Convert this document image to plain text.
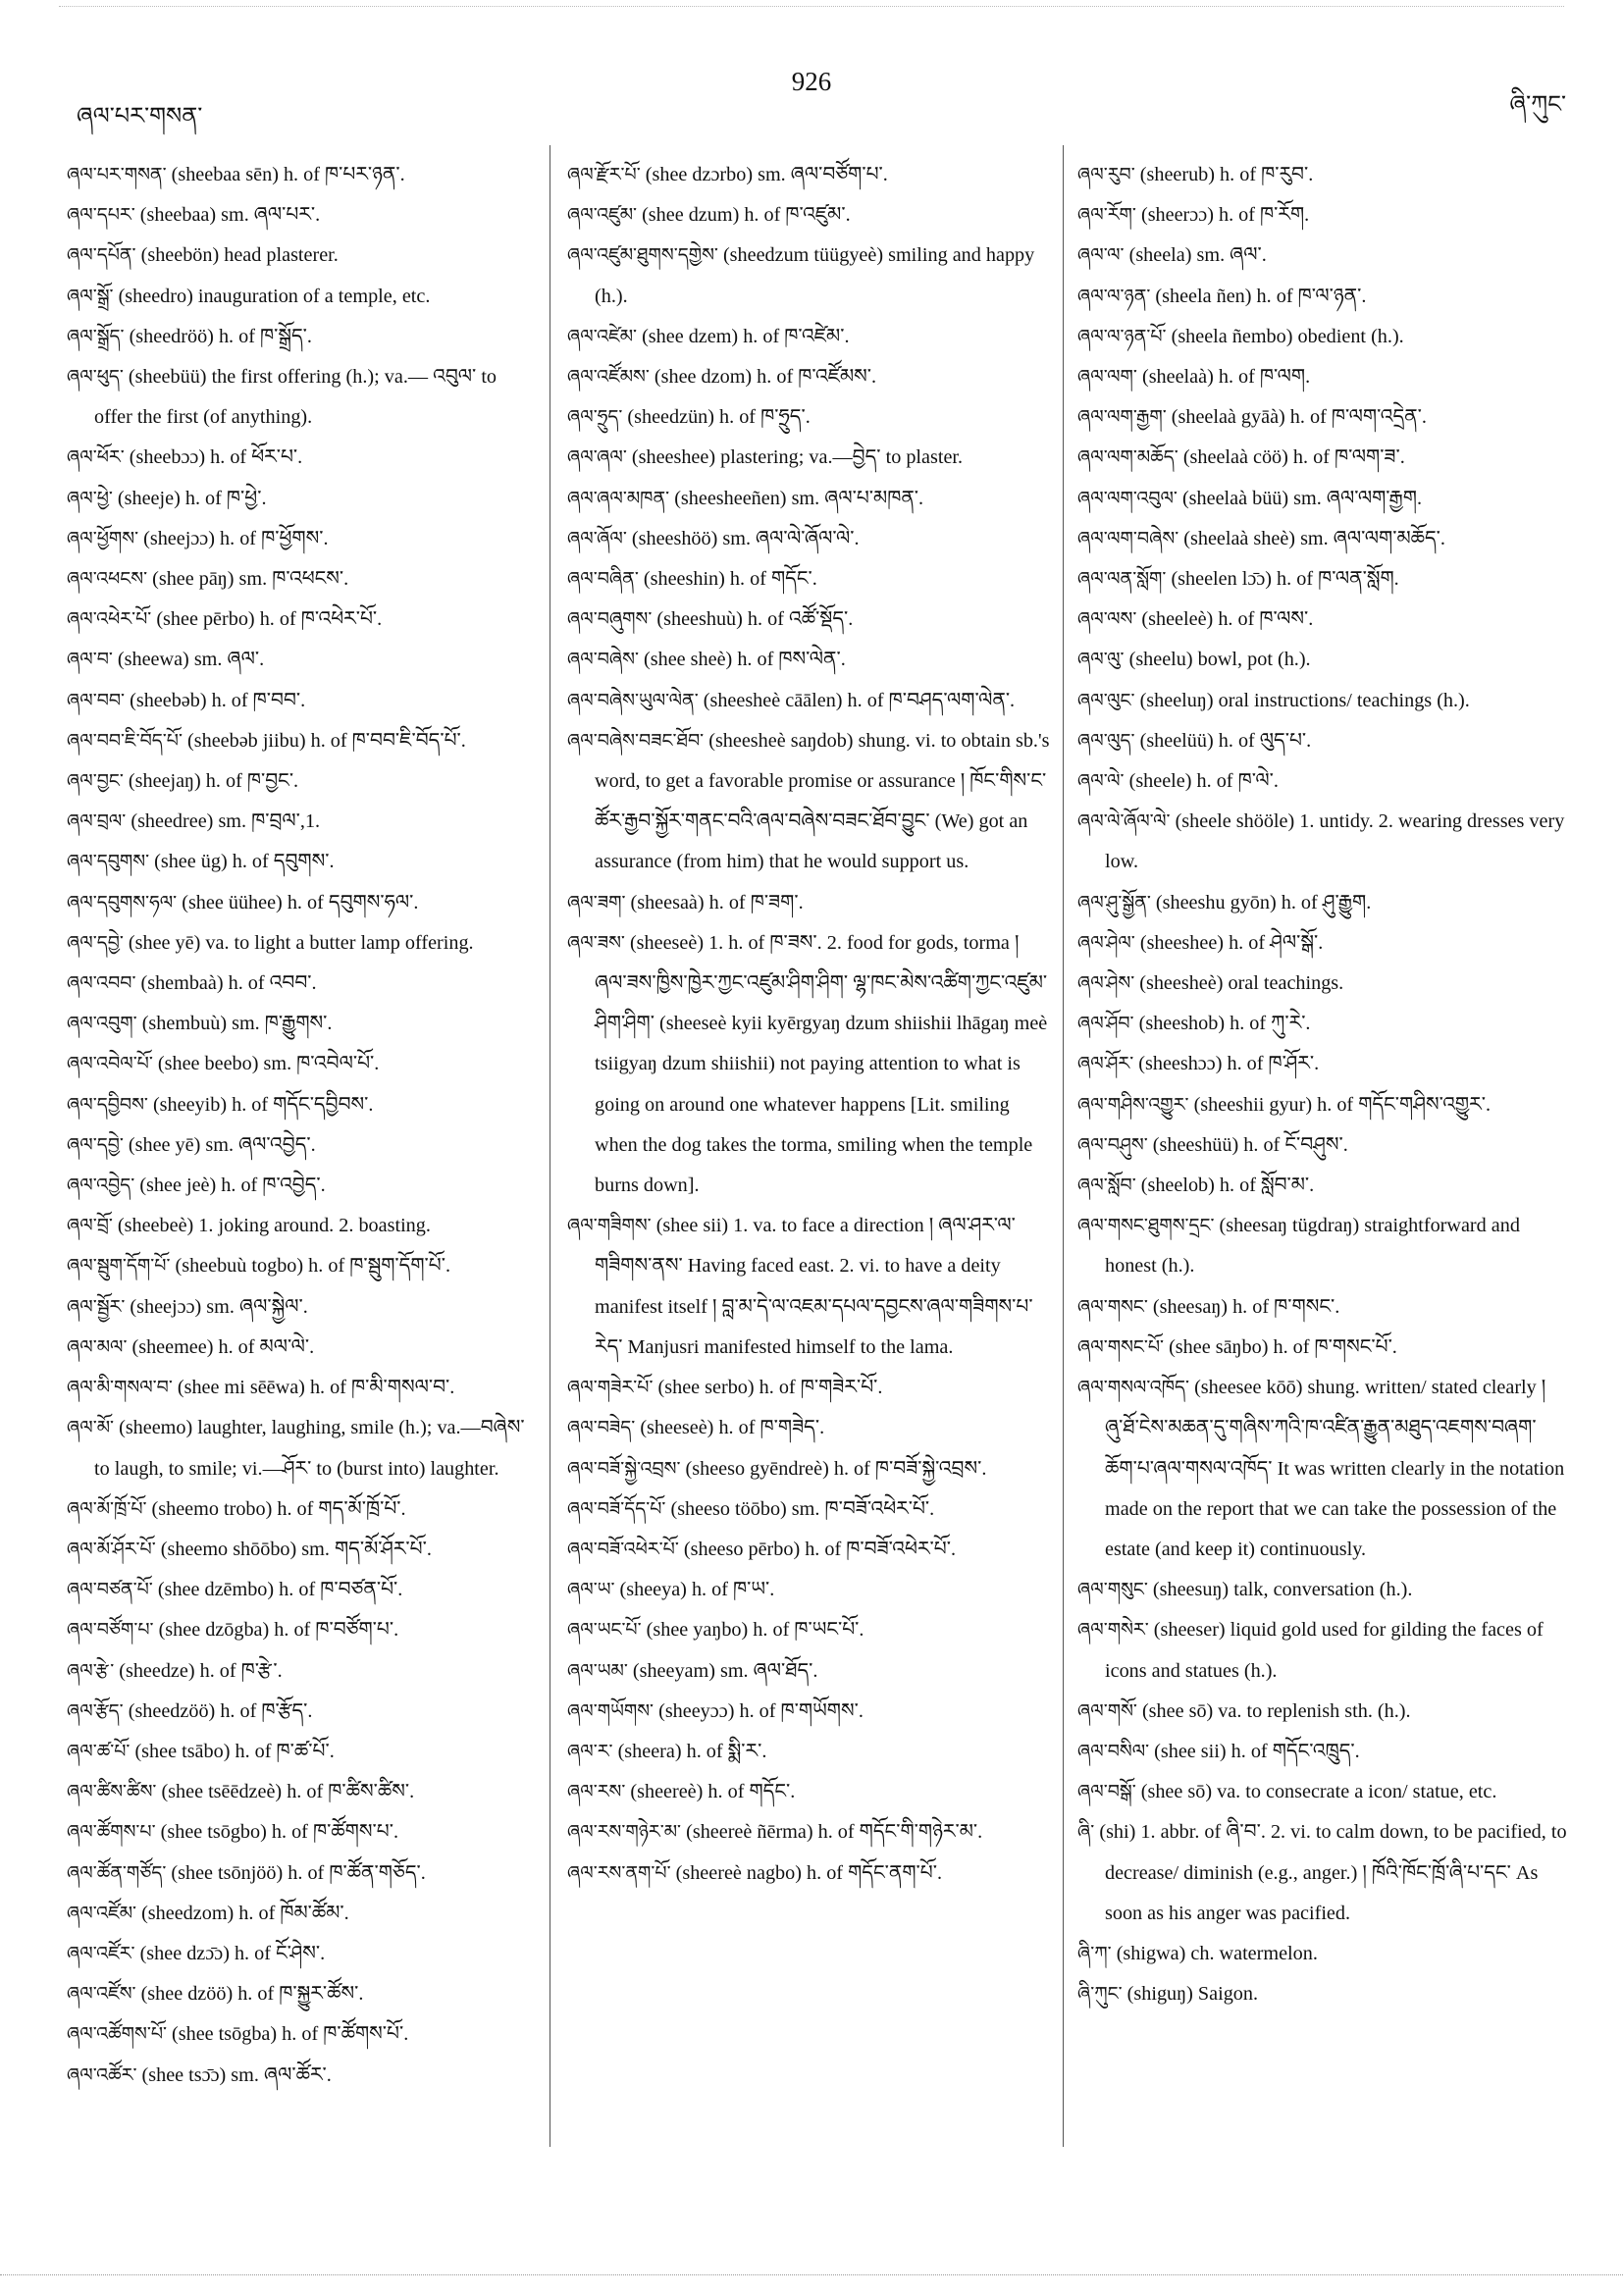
ཞལ་པར་གསན་
926
ཞི་ཀུང་
ཞལ་པར་གསན་ (sheebaa sēn) h. of ཁ་པར་ཉན་.
ཞལ་དཔར་ (sheebaa) sm. ཞལ་པར་.
ཞལ་དཔོན་ (sheebön) head plasterer.
ཞལ་སྒྲོ་ (sheedro) inauguration of a temple, etc.
ཞལ་སྒྲོད་ (sheedröö) h. of ཁ་སྒྲོད་.
ཞལ་ཕུད་ (sheebüü) the first offering (h.); va.— འབུལ་ to offer the first (of anything).
ཞལ་ཕོར་ (sheebɔɔ) h. of ཕོར་པ་.
ཞལ་ཕྱེ་ (sheeje) h. of ཁ་ཕྱེ་.
ཞལ་ཕྱོགས་ (sheejɔɔ) h. of ཁ་ཕྱོགས་.
ཞལ་འཕངས་ (shee pāŋ) sm. ཁ་འཕངས་.
ཞལ་འཕེར་པོ་ (shee pērbo) h. of ཁ་འཕེར་པོ་.
ཞལ་བ་ (sheewa) sm. ཞལ་.
ཞལ་བབ་ (sheebəb) h. of ཁ་བབ་.
ཞལ་བབ་ཇི་བོད་པོ་ (sheebəb jiibu) h. of ཁ་བབ་ཇི་བོད་པོ་.
ཞལ་བྱང་ (sheejaŋ) h. of ཁ་བྱང་.
ཞལ་བྲལ་ (sheedree) sm. ཁ་བྲལ་,1.
ཞལ་དབུགས་ (shee üg) h. of དབུགས་.
ཞལ་དབུགས་ཧལ་ (shee üühee) h. of དབུགས་ཧལ་.
ཞལ་དབྱེ་ (shee yē) va. to light a butter lamp offering.
ཞལ་འབབ་ (shembaà) h. of འབབ་.
ཞལ་འབུག་ (shembuù) sm. ཁ་རྒྱུགས་.
ཞལ་འབེལ་པོ་ (shee beebo) sm. ཁ་འབེལ་པོ་.
ཞལ་དབྱིབས་ (sheeyib) h. of གདོང་དབྱིབས་.
ཞལ་དབྱེ་ (shee yē) sm. ཞལ་འབྱེད་.
ཞལ་འབྱེད་ (shee jeè) h. of ཁ་འབྱེད་.
ཞལ་བྲོ་ (sheebeè) 1. joking around. 2. boasting.
ཞལ་སྦུག་དོག་པོ་ (sheebuù togbo) h. of ཁ་སྦུག་དོག་པོ་.
ཞལ་སྦྱོར་ (sheejɔɔ) sm. ཞལ་སྐྱེལ་.
ཞལ་མལ་ (sheemee) h. of མལ་ལེ་.
ཞལ་མི་གསལ་བ་ (shee mi sēēwa) h. of ཁ་མི་གསལ་བ་.
ཞལ་མོ་ (sheemo) laughter, laughing, smile (h.); va.—བཞེས་ to laugh, to smile; vi.—ཤོར་ to (burst into) laughter.
ཞལ་མོ་ཁྲོ་པོ་ (sheemo trobo) h. of གད་མོ་ཁྲོ་པོ་.
ཞལ་མོ་ཤོར་པོ་ (sheemo shōōbo) sm. གད་མོ་ཤོར་པོ་.
ཞལ་བཙན་པོ་ (shee dzēmbo) h. of ཁ་བཙན་པོ་.
ཞལ་བཙོག་པ་ (shee dzōgba) h. of ཁ་བཙོག་པ་.
ཞལ་རྩེ་ (sheedze) h. of ཁ་རྩེ་.
ཞལ་རྩོད་ (sheedzöö) h. of ཁ་རྩོད་.
ཞལ་ཚ་པོ་ (shee tsābo) h. of ཁ་ཚ་པོ་.
ཞལ་ཚིས་ཚིས་ (shee tsēēdzeè) h. of ཁ་ཚིས་ཚིས་.
ཞལ་ཚོགས་པ་ (shee tsōgbo) h. of ཁ་ཚོགས་པ་.
ཞལ་ཚོན་གཙོད་ (shee tsōnjöö) h. of ཁ་ཚོན་གཅོད་.
ཞལ་འཛོམ་ (sheedzom) h. of ཁོམ་ཚོམ་.
ཞལ་འཛོར་ (shee dzɔ̄ɔ) h. of ངོ་ཤེས་.
ཞལ་འཛོས་ (shee dzöö) h. of ཁ་སྐྱུར་ཚོས་.
ཞལ་འཚོགས་པོ་ (shee tsōgba) h. of ཁ་ཚོགས་པོ་.
ཞལ་འཚོར་ (shee tsɔ̄ɔ) sm. ཞལ་ཚོར་.
ཞལ་རྫོར་པོ་ (shee dzɔrbo) sm. ཞལ་བཙོག་པ་.
ཞལ་འཛུམ་ (shee dzum) h. of ཁ་འཛུམ་.
ཞལ་འཛུམ་ཐུགས་དགྱེས་ (sheedzum tüügyeè) smiling and happy (h.).
ཞལ་འཛེམ་ (shee dzem) h. of ཁ་འཛེམ་.
ཞལ་འཛོམས་ (shee dzom) h. of ཁ་འཛོམས་.
ཞལ་ཧྲུད་ (sheedzün) h. of ཁ་ཧྲུད་.
ཞལ་ཞལ་ (sheeshee) plastering; va.—བྱེད་ to plaster.
ཞལ་ཞལ་མཁན་ (sheesheeñen) sm. ཞལ་པ་མཁན་.
ཞལ་ཞོལ་ (sheeshöö) sm. ཞལ་ལེ་ཞོལ་ལེ་.
ཞལ་བཞིན་ (sheeshin) h. of གདོང་.
ཞལ་བཞུགས་ (sheeshuù) h. of འཚོ་སྡོད་.
ཞལ་བཞེས་ (shee sheè) h. of ཁས་ལེན་.
ཞལ་བཞེས་ཡུལ་ལེན་ (sheesheè cāālen) h. of ཁ་བཤད་ལག་ལེན་.
ཞལ་བཞེས་བཟང་ཐོབ་ (sheesheè saŋdob) shung. vi. to obtain sb.'s word, to get a favorable promise or assurance ། ཁོང་གིས་ང་ཚོར་རྒྱབ་སྐྱོར་གནང་བའི་ཞལ་བཞེས་བཟང་ཐོབ་བྱུང་ (We) got an assurance (from him) that he would support us.
ཞལ་ཟག་ (sheesaà) h. of ཁ་ཟག་.
ཞལ་ཟས་ (sheeseè) 1. h. of ཁ་ཟས་. 2. food for gods, torma ། ཞལ་ཟས་ཁྱིས་ཁྱེར་ཀྱང་འཛུམ་ཤིག་ཤིག་ ལྷ་ཁང་མེས་འཚིག་ཀྱང་འཛུམ་ཤིག་ཤིག་ (sheeseè kyii kyērgyaŋ dzum shiishii lhāgaŋ meè tsiigyaŋ dzum shiishii) not paying attention to what is going on around one whatever happens [Lit. smiling when the dog takes the torma, smiling when the temple burns down].
ཞལ་གཟིགས་ (shee sii) 1. va. to face a direction ། ཞལ་ཤར་ལ་གཟིགས་ནས་ Having faced east. 2. vi. to have a deity manifest itself ། བླ་མ་དེ་ལ་འཇམ་དཔལ་དབྱངས་ཞལ་གཟིགས་པ་རེད་ Manjusri manifested himself to the lama.
ཞལ་གཟེར་པོ་ (shee serbo) h. of ཁ་གཟེར་པོ་.
ཞལ་བཟེད་ (sheeseè) h. of ཁ་གཟེད་.
ཞལ་བཟོ་སྐྱེ་འབྲས་ (sheeso gyēndreè) h. of ཁ་བཟོ་སྐྱེ་འབྲས་.
ཞལ་བཟོ་དོད་པོ་ (sheeso töōbo) sm. ཁ་བཟོ་འཕེར་པོ་.
ཞལ་བཟོ་འཕེར་པོ་ (sheeso pērbo) h. of ཁ་བཟོ་འཕེར་པོ་.
ཞལ་ཡ་ (sheeya) h. of ཁ་ཡ་.
ཞལ་ཡང་པོ་ (shee yaŋbo) h. of ཁ་ཡང་པོ་.
ཞལ་ཡམ་ (sheeyam) sm. ཞལ་ཐོད་.
ཞལ་གཡོགས་ (sheeyɔɔ) h. of ཁ་གཡོགས་.
ཞལ་ར་ (sheera) h. of སྨི་ར་.
ཞལ་རས་ (sheereè) h. of གདོང་.
ཞལ་རས་གཉེར་མ་ (sheereè ñērma) h. of གདོང་གི་གཉེར་མ་.
ཞལ་རས་ནག་པོ་ (sheereè nagbo) h. of གདོང་ནག་པོ་.
ཞལ་རུབ་ (sheerub) h. of ཁ་རུབ་.
ཞལ་རོག་ (sheerɔɔ) h. of ཁ་རོག.
ཞལ་ལ་ (sheela) sm. ཞལ་.
ཞལ་ལ་ཉན་ (sheela ñen) h. of ཁ་ལ་ཉན་.
ཞལ་ལ་ཉན་པོ་ (sheela ñembo) obedient (h.).
ཞལ་ལག་ (sheelaà) h. of ཁ་ལག.
ཞལ་ལག་རྒྱག་ (sheelaà gyāà) h. of ཁ་ལག་འདྲེན་.
ཞལ་ལག་མཆོད་ (sheelaà cöö) h. of ཁ་ལག་ཟ་.
ཞལ་ལག་འབུལ་ (sheelaà büü) sm. ཞལ་ལག་རྒྱག.
ཞལ་ལག་བཞེས་ (sheelaà sheè) sm. ཞལ་ལག་མཆོད་.
ཞལ་ལན་སློག་ (sheelen lɔ̄ɔ) h. of ཁ་ལན་སློག.
ཞལ་ལས་ (sheeleè) h. of ཁ་ལས་.
ཞལ་ལུ་ (sheelu) bowl, pot (h.).
ཞལ་ལུང་ (sheeluŋ) oral instructions/ teachings (h.).
ཞལ་ལུད་ (sheelüü) h. of ལུད་པ་.
ཞལ་ལེ་ (sheele) h. of ཁ་ལེ་.
ཞལ་ལེ་ཞོལ་ལེ་ (sheele shööle) 1. untidy. 2. wearing dresses very low.
ཞལ་ཤུ་སྒྱོན་ (sheeshu gyōn) h. of ཤུ་རྒྱུག.
ཞལ་ཤེལ་ (sheeshee) h. of ཤེལ་སྒོ་.
ཞལ་ཤེས་ (sheesheè) oral teachings.
ཞལ་ཤོབ་ (sheeshob) h. of ཀུ་རེ་.
ཞལ་ཤོར་ (sheeshɔɔ) h. of ཁ་ཤོར་.
ཞལ་གཤིས་འགྱུར་ (sheeshii gyur) h. of གདོང་གཤིས་འགྱུར་.
ཞལ་བཤུས་ (sheeshüü) h. of ངོ་བཤུས་.
ཞལ་སློབ་ (sheelob) h. of སློབ་མ་.
ཞལ་གསང་ཐུགས་དྲང་ (sheesaŋ tügdraŋ) straightforward and honest (h.).
ཞལ་གསང་ (sheesaŋ) h. of ཁ་གསང་.
ཞལ་གསང་པོ་ (shee sāŋbo) h. of ཁ་གསང་པོ་.
ཞལ་གསལ་འཁོད་ (sheesee kōō) shung. written/ stated clearly ། ཞུ་ཐོ་ངེས་མཆན་དུ་གཞིས་ཀའི་ཁ་འཛིན་རྒྱུན་མཐུད་འཇགས་བཞག་ཆོག་པ་ཞལ་གསལ་འཁོད་ It was written clearly in the notation made on the report that we can take the possession of the estate (and keep it) continuously.
ཞལ་གསུང་ (sheesuŋ) talk, conversation (h.).
ཞལ་གསེར་ (sheeser) liquid gold used for gilding the faces of icons and statues (h.).
ཞལ་གསོ་ (shee sō) va. to replenish sth. (h.).
ཞལ་བསིལ་ (shee sii) h. of གདོང་འཁྲུད་.
ཞལ་བསྒོ་ (shee sō) va. to consecrate a icon/ statue, etc.
ཞི་ (shi) 1. abbr. of ཞི་བ་. 2. vi. to calm down, to be pacified, to decrease/ diminish (e.g., anger.) ། ཁོའི་ཁོང་ཁྲོ་ཞི་པ་དང་ As soon as his anger was pacified.
ཞི་ཀ་ (shigwa) ch. watermelon.
ཞི་ཀུང་ (shiguŋ) Saigon.
